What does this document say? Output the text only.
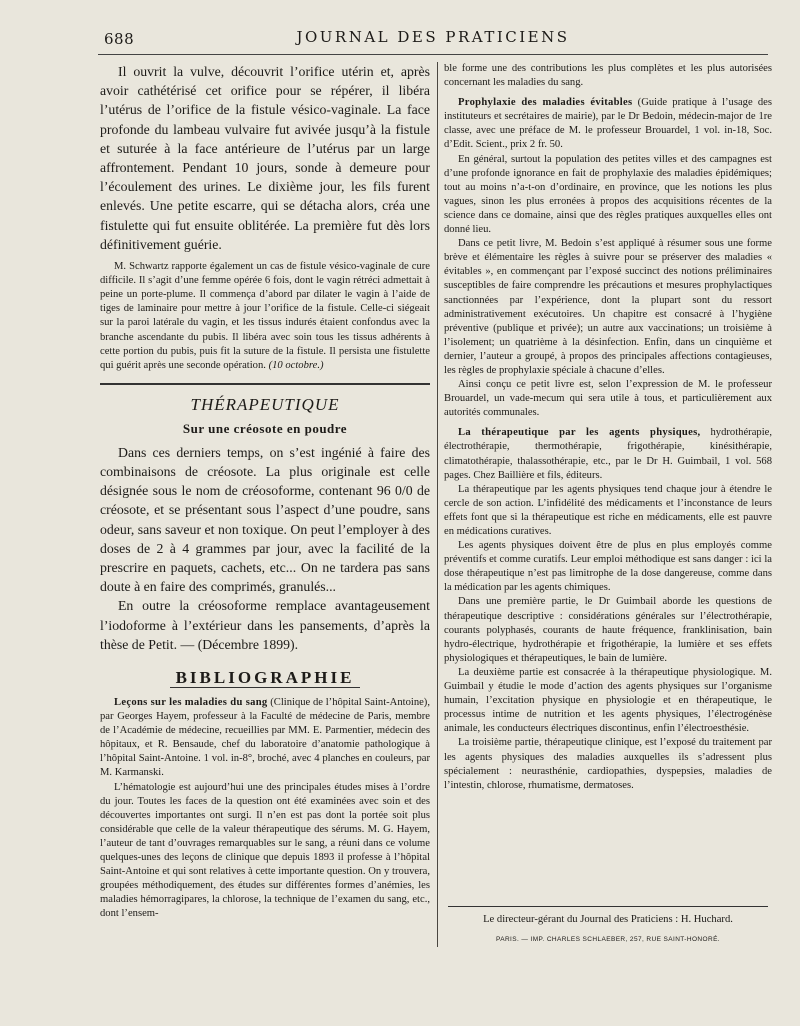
688	JOURNAL DES PRATICIENS

Il ouvrit la vulve, découvrit l’orifice utérin et, après avoir cathétérisé cet orifice pour se répérer, il libéra l’utérus de l’orifice de la fistule vésico-vaginale. La face profonde du lambeau vulvaire fut avivée jusqu’à la fistule et suturée à la face antérieure de l’utérus par un large affrontement. Pendant 10 jours, sonde à demeure pour l’écoulement des urines. Le dixième jour, les fils furent enlevés. Une petite escarre, qui se détacha alors, créa une fistulette qui fut ensuite oblitérée. La première fut dès lors définitivement guérie.

M. Schwartz rapporte également un cas de fistule vésico-vaginale de cure difficile. Il s’agit d’une femme opérée 6 fois, dont le vagin rétréci admettait à peine un porte-plume. Il commença d’abord par dilater le vagin à l’aide de tiges de laminaire pour mettre à jour l’orifice de la fistule. Celle-ci siégeait sur la paroi latérale du vagin, et les tissus indurés étaient confondus avec la branche ascendante du pubis. Il libéra avec soin tous les tissus adhérents à cette portion du pubis, puis fit la suture de la fistule. Il persista une fistulette qui guérit après une seconde opération. (10 octobre.)

THÉRAPEUTIQUE
Sur une créosote en poudre

Dans ces derniers temps, on s’est ingénié à faire des combinaisons de créosote. La plus originale est celle désignée sous le nom de créosoforme, contenant 96 0/0 de créosote, et se présentant sous l’aspect d’une poudre, sans odeur, sans saveur et non toxique. On peut l’employer à des doses de 2 à 4 grammes par jour, avec la facilité de la prescrire en paquets, cachets, etc... On ne tardera pas sans doute à en faire des comprimés, granulés...

En outre la créosoforme remplace avantageusement l’iodoforme à l’extérieur dans les pansements, d’après la thèse de Petit. — (Décembre 1899).

BIBLIOGRAPHIE

Leçons sur les maladies du sang (Clinique de l’hôpital Saint-Antoine), par Georges Hayem, professeur à la Faculté de médecine de Paris, membre de l’Académie de médecine, recueillies par MM. E. Parmentier, médecin des hôpitaux, et R. Bensaude, chef du laboratoire d’anatomie pathologique à l’hôpital Saint-Antoine. 1 vol. in-8°, broché, avec 4 planches en couleurs, par M. Karmanski.

L’hématologie est aujourd’hui une des principales études mises à l’ordre du jour. Toutes les faces de la question ont été examinées avec soin et des découvertes importantes ont surgi. Il n’en est pas dont la portée soit plus considérable que celle de la valeur thérapeutique des sérums. M. G. Hayem, l’auteur de tant d’ouvrages remarquables sur le sang, a réuni dans ce volume quelques-unes des leçons de clinique que depuis 1893 il professe à l’hôpital Saint-Antoine et qui sont relatives à cette importante question. On y trouvera, groupées méthodiquement, des études sur différentes formes d’anémies, les maladies hémorragipares, la chlorose, la technique de l’examen du sang, etc., dont l’ensem-

ble forme une des contributions les plus complètes et les plus autorisées concernant les maladies du sang.

Prophylaxie des maladies évitables (Guide pratique à l’usage des instituteurs et secrétaires de mairie), par le Dr Bedoin, médecin-major de 1re classe, avec une préface de M. le professeur Brouardel, 1 vol. in-18, Soc. d’Edit. Scient., prix 2 fr. 50.

En général, surtout la population des petites villes et des campagnes est d’une profonde ignorance en fait de prophylaxie des maladies épidémiques; tout au moins n’a-t-on d’ordinaire, en province, que les notions les plus vagues, sinon les plus erronées à propos des acquisitions récentes de la science dans ce domaine, ainsi que des règles pratiques auxquelles elles ont donné lieu.

Dans ce petit livre, M. Bedoin s’est appliqué à résumer sous une forme brève et élémentaire les règles à suivre pour se préserver des maladies « évitables », en commençant par l’exposé succinct des notions préliminaires susceptibles de faire comprendre les précautions et mesures prophylactiques sanctionnées par l’expérience, dont la plupart sont du ressort administrativement exécutoires. Un chapitre est consacré à l’hygiène préventive (publique et privée); un autre aux vaccinations; un troisième à l’isolement; un quatrième à la désinfection. Enfin, dans un cinquième et dernier, l’auteur a groupé, à propos des principales affections contagieuses, les règles de prophylaxie spéciale à chacune d’elles.

Ainsi conçu ce petit livre est, selon l’expression de M. le professeur Brouardel, un vade-mecum qui sera utile à tous, et particulièrement aux autorités communales.

La thérapeutique par les agents physiques, hydrothérapie, électrothérapie, thermothérapie, frigothérapie, kinésithérapie, climatothérapie, thalassothérapie, etc., par le Dr H. Guimbail, 1 vol. 568 pages. Chez Baillière et fils, éditeurs.

La thérapeutique par les agents physiques tend chaque jour à étendre le cercle de son action. L’infidélité des médicaments et l’inconstance de leurs effets font que si la thérapeutique est riche en médicaments, elle est pauvre en médications curatives.

Les agents physiques doivent être de plus en plus employés comme préventifs et comme curatifs. Leur emploi méthodique est sans danger : ici la dose thérapeutique n’est pas limitrophe de la dose dangereuse, comme dans la médication par les agents chimiques.

Dans une première partie, le Dr Guimbail aborde les questions de thérapeutique descriptive : considérations générales sur l’électrothérapie, courants polyphasés, courants de haute fréquence, franklinisation, bain hydro-électrique, hydrothérapie et frigothérapie, la lumière et ses effets physiologiques et thérapeutiques, le bain de lumière.

La deuxième partie est consacrée à la thérapeutique physiologique. M. Guimbail y étudie le mode d’action des agents physiques sur l’organisme humain, l’excitation physique en physiologie et en thérapeutique, le processus intime de nutrition et les agents physiques, l’électrogénèse animale, les conducteurs électriques discontinus, enfin l’électroesthésie.

La troisième partie, thérapeutique clinique, est l’exposé du traitement par les agents physiques des maladies auxquelles ils s’adressent plus spécialement : neurasthénie, cardiopathies, dyspepsies, maladies de l’intestin, chlorose, rhumatisme, dermatoses.

Le directeur-gérant du Journal des Praticiens : H. Huchard.
PARIS. — IMP. CHARLES SCHLAEBER, 257, RUE SAINT-HONORÉ.
